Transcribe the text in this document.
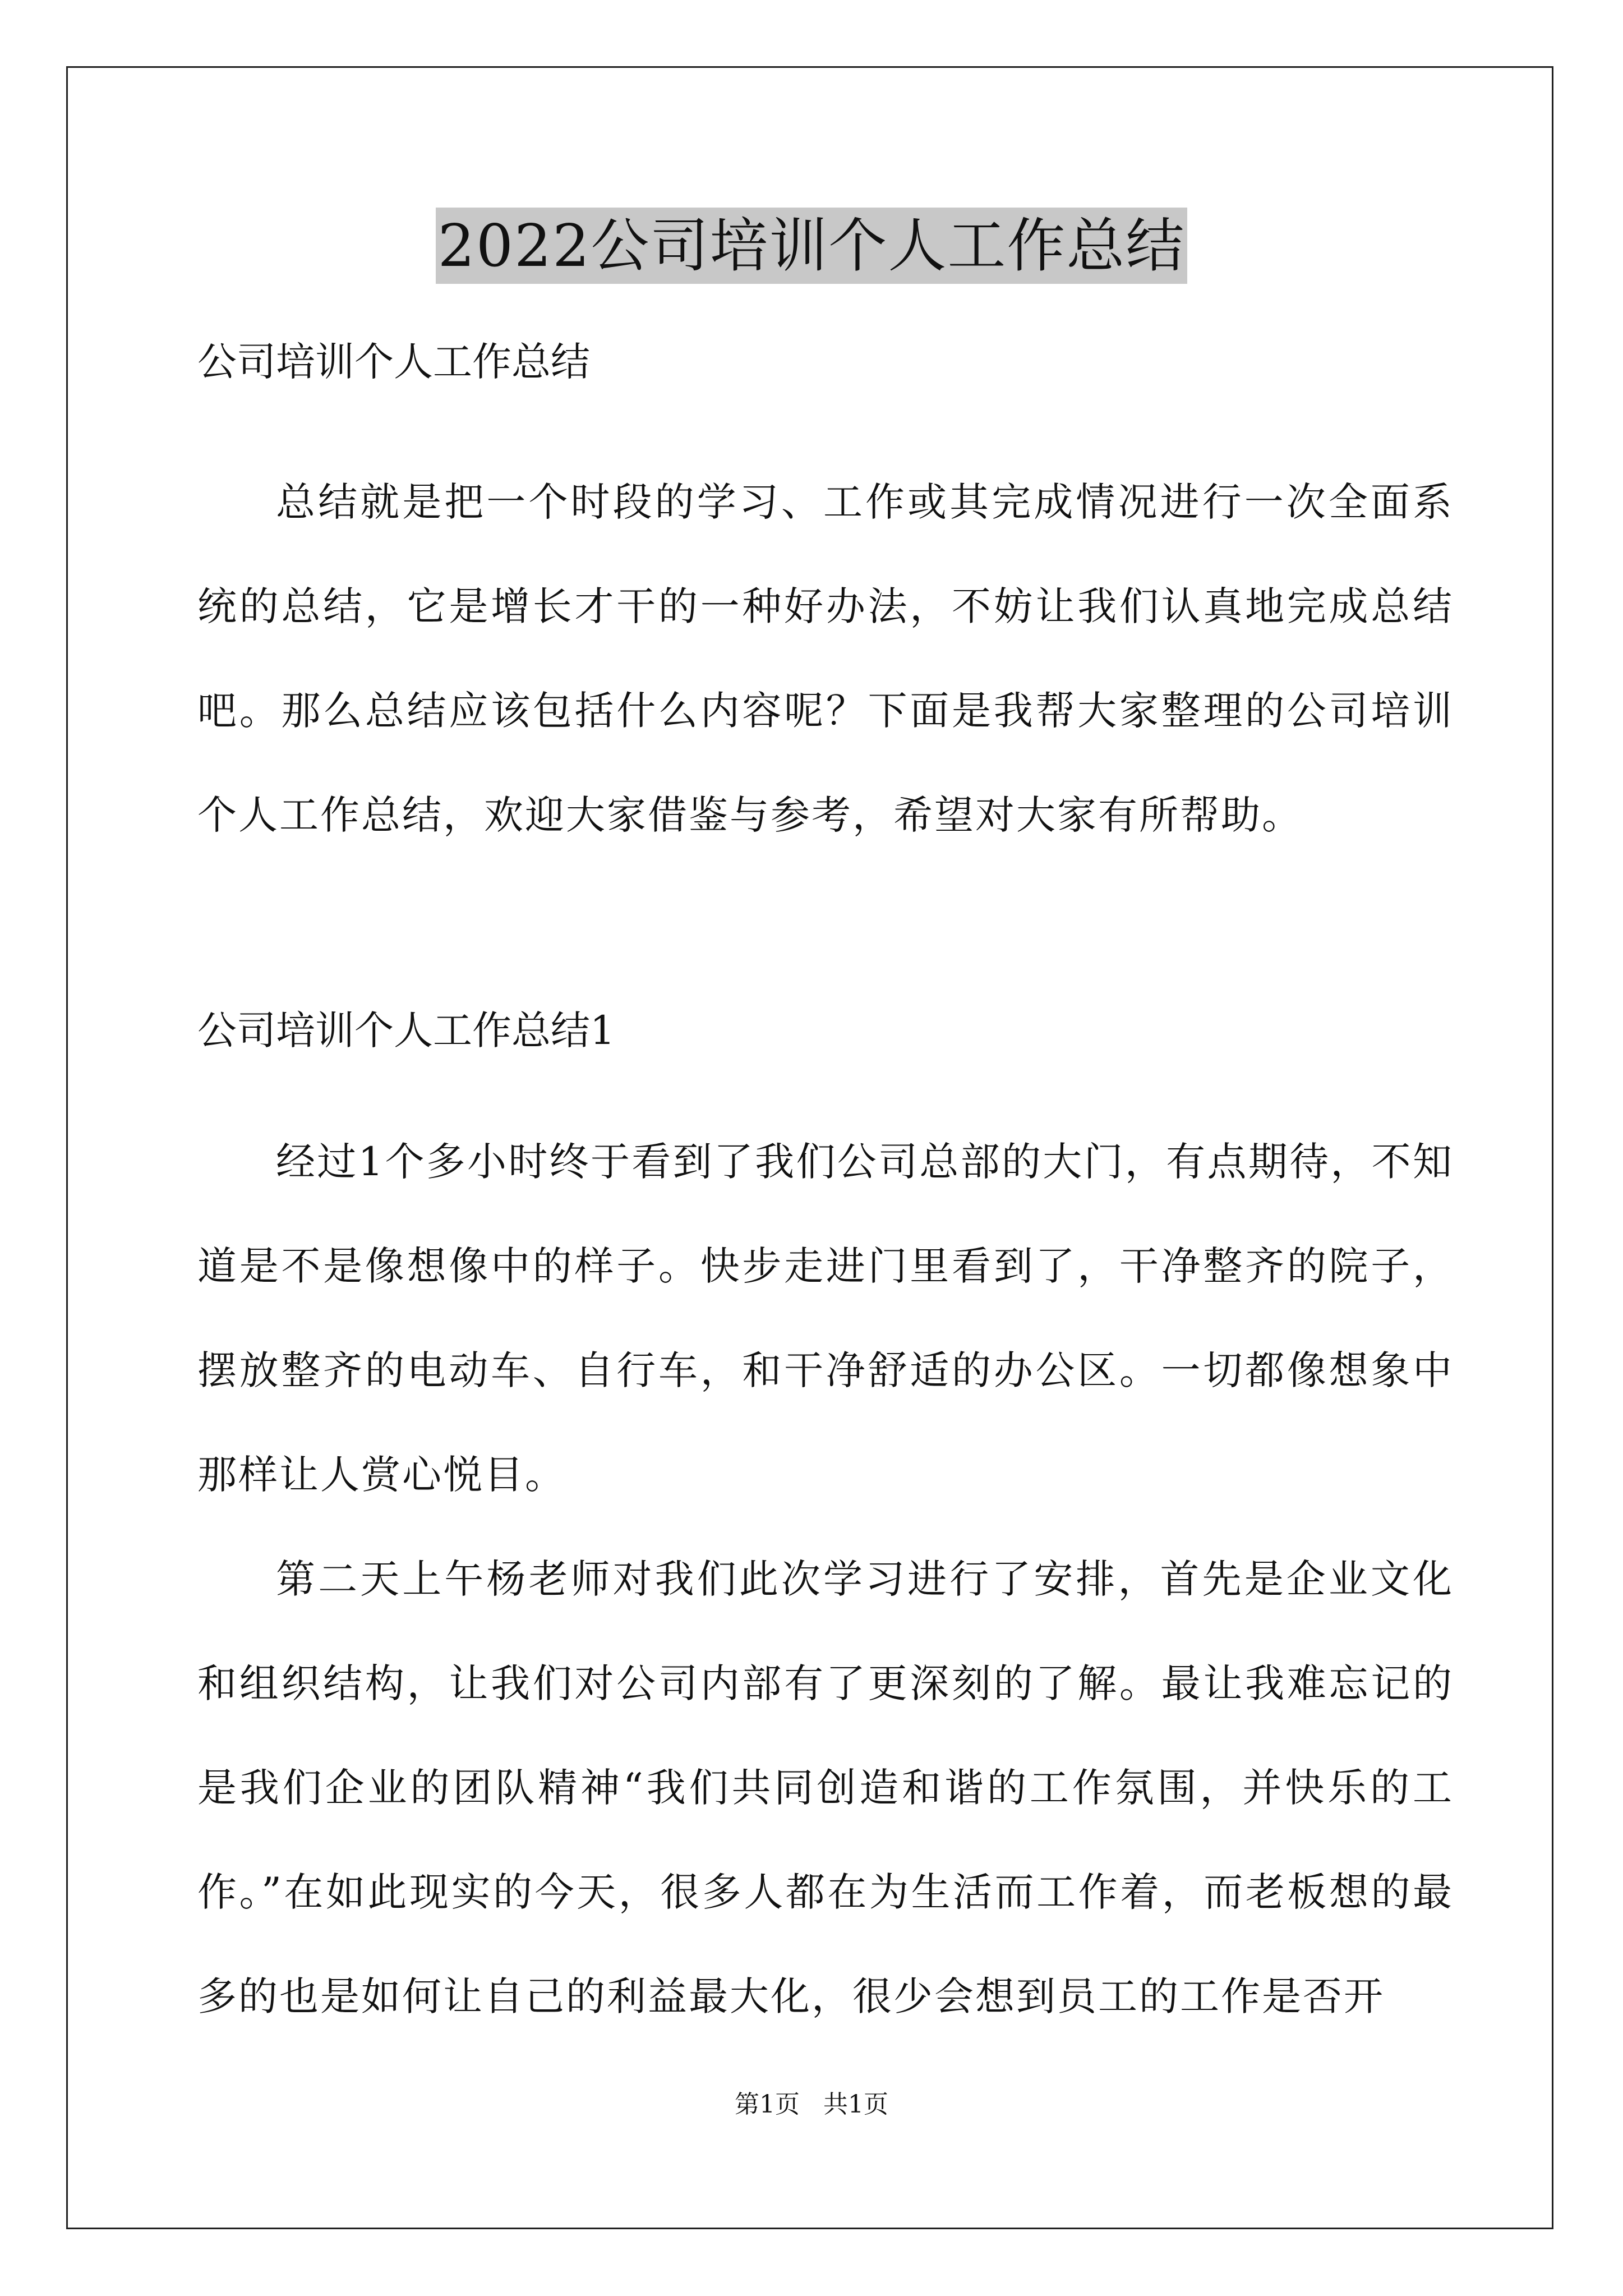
2022公司培训个人工作总结

公司培训个人工作总结

总结就是把一个时段的学习、工作或其完成情况进行一次全面系统的总结，它是增长才干的一种好办法，不妨让我们认真地完成总结吧。那么总结应该包括什么内容呢？下面是我帮大家整理的公司培训个人工作总结，欢迎大家借鉴与参考，希望对大家有所帮助。

公司培训个人工作总结1

经过1个多小时终于看到了我们公司总部的大门，有点期待，不知道是不是像想像中的样子。快步走进门里看到了，干净整齐的院子，摆放整齐的电动车、自行车，和干净舒适的办公区。一切都像想象中那样让人赏心悦目。

第二天上午杨老师对我们此次学习进行了安排，首先是企业文化和组织结构，让我们对公司内部有了更深刻的了解。最让我难忘记的是我们企业的团队精神“我们共同创造和谐的工作氛围，并快乐的工作。”在如此现实的今天，很多人都在为生活而工作着，而老板想的最多的也是如何让自己的利益最大化，很少会想到员工的工作是否开

第1页   共1页
